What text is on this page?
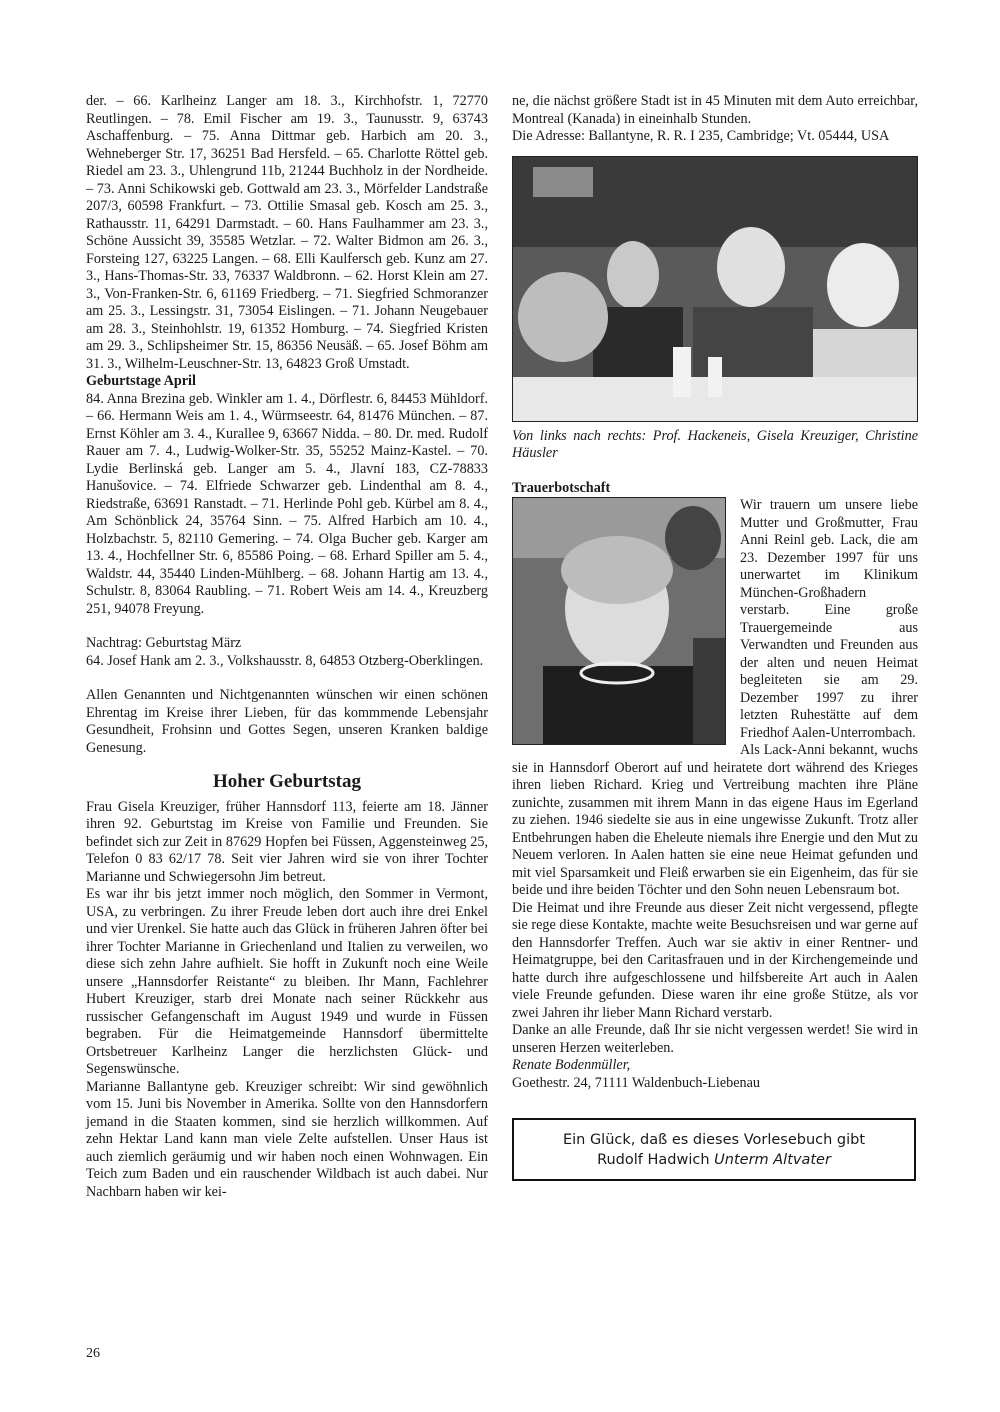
der. – 66. Karlheinz Langer am 18. 3., Kirchhofstr. 1, 72770 Reutlingen. – 78. Emil Fischer am 19. 3., Taunusstr. 9, 63743 Aschaffenburg. – 75. Anna Dittmar geb. Harbich am 20. 3., Wehneberger Str. 17, 36251 Bad Hersfeld. – 65. Charlotte Röttel geb. Riedel am 23. 3., Uhlengrund 11b, 21244 Buchholz in der Nordheide. – 73. Anni Schikowski geb. Gottwald am 23. 3., Mörfelder Landstraße 207/3, 60598 Frankfurt. – 73. Ottilie Smasal geb. Kosch am 25. 3., Rathausstr. 11, 64291 Darmstadt. – 60. Hans Faulhammer am 23. 3., Schöne Aussicht 39, 35585 Wetzlar. – 72. Walter Bidmon am 26. 3., Forsteing 127, 63225 Langen. – 68. Elli Kaulfersch geb. Kunz am 27. 3., Hans-Thomas-Str. 33, 76337 Waldbronn. – 62. Horst Klein am 27. 3., Von-Franken-Str. 6, 61169 Friedberg. – 71. Siegfried Schmoranzer am 25. 3., Lessingstr. 31, 73054 Eislingen. – 71. Johann Neugebauer am 28. 3., Steinhohlstr. 19, 61352 Homburg. – 74. Siegfried Kristen am 29. 3., Schlipsheimer Str. 15, 86356 Neusäß. – 65. Josef Böhm am 31. 3., Wilhelm-Leuschner-Str. 13, 64823 Groß Umstadt.

Geburtstage April

84. Anna Brezina geb. Winkler am 1. 4., Dörflestr. 6, 84453 Mühldorf. – 66. Hermann Weis am 1. 4., Würmseestr. 64, 81476 München. – 87. Ernst Köhler am 3. 4., Kurallee 9, 63667 Nidda. – 80. Dr. med. Rudolf Rauer am 7. 4., Ludwig-Wolker-Str. 35, 55252 Mainz-Kastel. – 70. Lydie Berlinská geb. Langer am 5. 4., Jlavní 183, CZ-78833 Hanušovice. – 74. Elfriede Schwarzer geb. Lindenthal am 8. 4., Riedstraße, 63691 Ranstadt. – 71. Herlinde Pohl geb. Kürbel am 8. 4., Am Schönblick 24, 35764 Sinn. – 75. Alfred Harbich am 10. 4., Holzbachstr. 5, 82110 Gemering. – 74. Olga Bucher geb. Karger am 13. 4., Hochfellner Str. 6, 85586 Poing. – 68. Erhard Spiller am 5. 4., Waldstr. 44, 35440 Linden-Mühlberg. – 68. Johann Hartig am 13. 4., Schulstr. 8, 83064 Raubling. – 71. Robert Weis am 14. 4., Kreuzberg 251, 94078 Freyung.

Nachtrag: Geburtstag März

64. Josef Hank am 2. 3., Volkshausstr. 8, 64853 Otzberg-Oberklingen.

Allen Genannten und Nichtgenannten wünschen wir einen schönen Ehrentag im Kreise ihrer Lieben, für das kommmende Lebensjahr Gesundheit, Frohsinn und Gottes Segen, unseren Kranken baldige Genesung.

Hoher Geburtstag

Frau Gisela Kreuziger, früher Hannsdorf 113, feierte am 18. Jänner ihren 92. Geburtstag im Kreise von Familie und Freunden. Sie befindet sich zur Zeit in 87629 Hopfen bei Füssen, Aggensteinweg 25, Telefon 0 83 62/17 78. Seit vier Jahren wird sie von ihrer Tochter Marianne und Schwiegersohn Jim betreut.

Es war ihr bis jetzt immer noch möglich, den Sommer in Vermont, USA, zu verbringen. Zu ihrer Freude leben dort auch ihre drei Enkel und vier Urenkel. Sie hatte auch das Glück in früheren Jahren öfter bei ihrer Tochter Marianne in Griechenland und Italien zu verweilen, wo diese sich zehn Jahre aufhielt. Sie hofft in Zukunft noch eine Weile unsere „Hannsdorfer Reistante“ zu bleiben. Ihr Mann, Fachlehrer Hubert Kreuziger, starb drei Monate nach seiner Rückkehr aus russischer Gefangenschaft im August 1949 und wurde in Füssen begraben. Für die Heimatgemeinde Hannsdorf übermittelte Ortsbetreuer Karlheinz Langer die herzlichsten Glück- und Segenswünsche.

Marianne Ballantyne geb. Kreuziger schreibt: Wir sind gewöhnlich vom 15. Juni bis November in Amerika. Sollte von den Hannsdorfern jemand in die Staaten kommen, sind sie herzlich willkommen. Auf zehn Hektar Land kann man viele Zelte aufstellen. Unser Haus ist auch ziemlich geräumig und wir haben noch einen Wohnwagen. Ein Teich zum Baden und ein rauschender Wildbach ist auch dabei. Nur Nachbarn haben wir kei-

ne, die nächst größere Stadt ist in 45 Minuten mit dem Auto erreichbar, Montreal (Kanada) in eineinhalb Stunden.

Die Adresse: Ballantyne, R. R. I 235, Cambridge; Vt. 05444, USA

Von links nach rechts: Prof. Hackeneis, Gisela Kreuziger, Christine Häusler

Trauerbotschaft

Wir trauern um unsere liebe Mutter und Großmutter, Frau Anni Reinl geb. Lack, die am 23. Dezember 1997 für uns unerwartet im Klinikum München-Großhadern verstarb. Eine große Trauergemeinde aus Verwandten und Freunden aus der alten und neuen Heimat begleiteten sie am 29. Dezember 1997 zu ihrer letzten Ruhestätte auf dem Friedhof Aalen-Unterrombach.

Als Lack-Anni bekannt, wuchs sie in Hannsdorf Oberort auf und heiratete dort während des Krieges ihren lieben Richard. Krieg und Vertreibung machten ihre Pläne zunichte, zusammen mit ihrem Mann in das eigene Haus im Egerland zu ziehen. 1946 siedelte sie aus in eine ungewisse Zukunft. Trotz aller Entbehrungen haben die Eheleute niemals ihre Energie und den Mut zu Neuem verloren. In Aalen hatten sie eine neue Heimat gefunden und mit viel Sparsamkeit und Fleiß erwarben sie ein Eigenheim, das für sie beide und ihre beiden Töchter und den Sohn neuen Lebensraum bot.

Die Heimat und ihre Freunde aus dieser Zeit nicht vergessend, pflegte sie rege diese Kontakte, machte weite Besuchsreisen und war gerne auf den Hannsdorfer Treffen. Auch war sie aktiv in einer Rentner- und Heimatgruppe, bei den Caritasfrauen und in der Kirchengemeinde und hatte durch ihre aufgeschlossene und hilfsbereite Art auch in Aalen viele Freunde gefunden. Diese waren ihr eine große Stütze, als vor zwei Jahren ihr lieber Mann Richard verstarb.

Danke an alle Freunde, daß Ihr sie nicht vergessen werdet! Sie wird in unseren Herzen weiterleben.

Renate Bodenmüller,

Goethestr. 24, 71111 Waldenbuch-Liebenau

Ein Glück, daß es dieses Vorlesebuch gibt
Rudolf Hadwich Unterm Altvater
26
